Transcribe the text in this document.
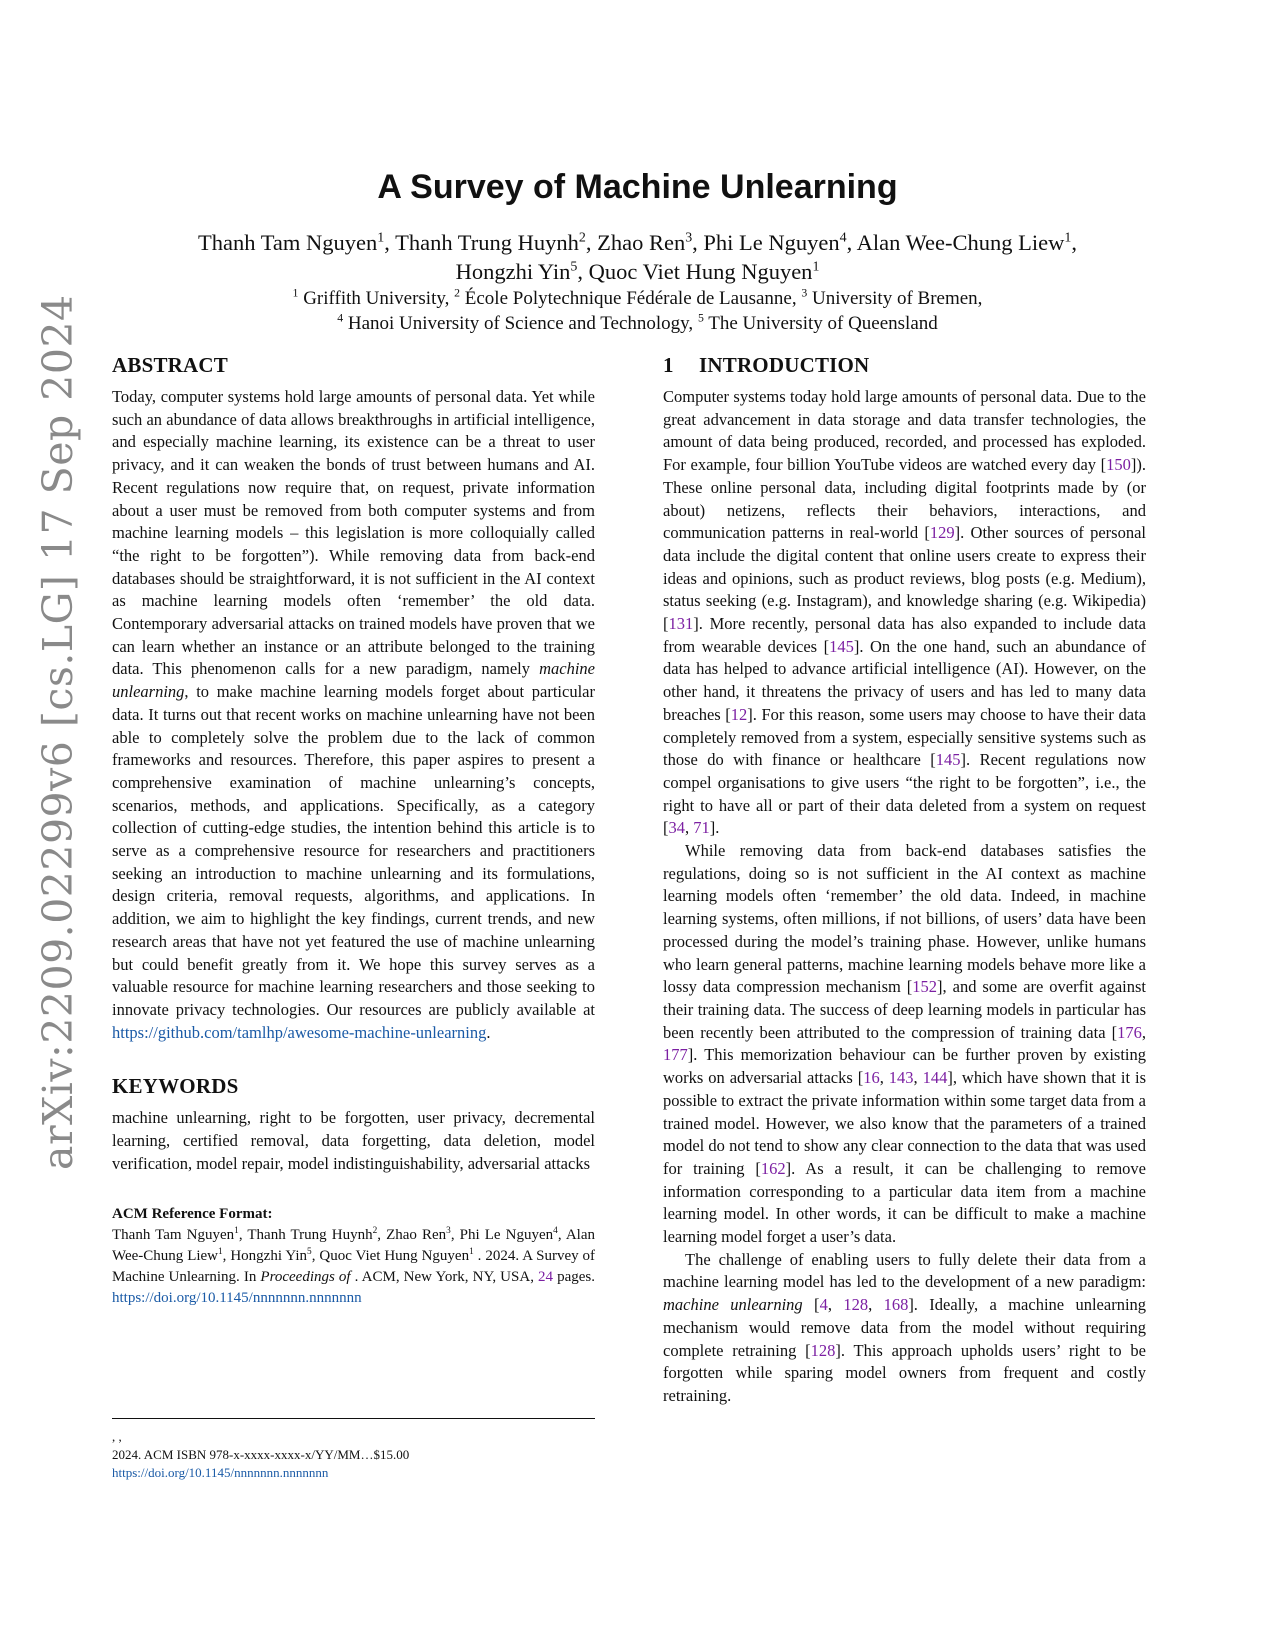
arXiv:2209.02299v6 [cs.LG] 17 Sep 2024
A Survey of Machine Unlearning
Thanh Tam Nguyen$^1$, Thanh Trung Huynh$^2$, Zhao Ren$^3$, Phi Le Nguyen$^4$, Alan Wee-Chung Liew$^1$,
Hongzhi Yin$^5$, Quoc Viet Hung Nguyen$^1$
$^1$ Griffith University, $^2$ École Polytechnique Fédérale de Lausanne, $^3$ University of Bremen,
$^4$ Hanoi University of Science and Technology, $^5$ The University of Queensland
ABSTRACT

Today, computer systems hold large amounts of personal data. Yet while such an abundance of data allows breakthroughs in artificial intelligence, and especially machine learning, its existence can be a threat to user privacy, and it can weaken the bonds of trust between humans and AI. Recent regulations now require that, on request, private information about a user must be removed from both computer systems and from machine learning models – this legislation is more colloquially called “the right to be forgotten”). While removing data from back-end databases should be straightforward, it is not sufficient in the AI context as machine learning models often ‘remember’ the old data. Contemporary adversarial attacks on trained models have proven that we can learn whether an instance or an attribute belonged to the training data. This phenomenon calls for a new paradigm, namely machine unlearning, to make machine learning models forget about particular data. It turns out that recent works on machine unlearning have not been able to completely solve the problem due to the lack of common frameworks and resources. Therefore, this paper aspires to present a comprehensive examination of machine unlearning’s concepts, scenarios, methods, and applications. Specifically, as a category collection of cutting-edge studies, the intention behind this article is to serve as a comprehensive resource for researchers and practitioners seeking an introduction to machine unlearning and its formulations, design criteria, removal requests, algorithms, and applications. In addition, we aim to highlight the key findings, current trends, and new research areas that have not yet featured the use of machine unlearning but could benefit greatly from it. We hope this survey serves as a valuable resource for machine learning researchers and those seeking to innovate privacy technologies. Our resources are publicly available at https://github.com/tamlhp/awesome-machine-unlearning.

KEYWORDS

machine unlearning, right to be forgotten, user privacy, decremental learning, certified removal, data forgetting, data deletion, model verification, model repair, model indistinguishability, adversarial attacks

ACM Reference Format:

Thanh Tam Nguyen$^1$, Thanh Trung Huynh$^2$, Zhao Ren$^3$, Phi Le Nguyen$^4$, Alan Wee-Chung Liew$^1$, Hongzhi Yin$^5$, Quoc Viet Hung Nguyen$^1$ . 2024. A Survey of Machine Unlearning. In Proceedings of . ACM, New York, NY, USA, 24 pages. https://doi.org/10.1145/nnnnnnn.nnnnnnn

, ,
2024. ACM ISBN 978-x-xxxx-xxxx-x/YY/MM…$15.00
https://doi.org/10.1145/nnnnnnn.nnnnnnn
1 INTRODUCTION

Computer systems today hold large amounts of personal data. Due to the great advancement in data storage and data transfer technologies, the amount of data being produced, recorded, and processed has exploded. For example, four billion YouTube videos are watched every day [150]). These online personal data, including digital footprints made by (or about) netizens, reflects their behaviors, interactions, and communication patterns in real-world [129]. Other sources of personal data include the digital content that online users create to express their ideas and opinions, such as product reviews, blog posts (e.g. Medium), status seeking (e.g. Instagram), and knowledge sharing (e.g. Wikipedia) [131]. More recently, personal data has also expanded to include data from wearable devices [145]. On the one hand, such an abundance of data has helped to advance artificial intelligence (AI). However, on the other hand, it threatens the privacy of users and has led to many data breaches [12]. For this reason, some users may choose to have their data completely removed from a system, especially sensitive systems such as those do with finance or healthcare [145]. Recent regulations now compel organisations to give users “the right to be forgotten”, i.e., the right to have all or part of their data deleted from a system on request [34, 71].

While removing data from back-end databases satisfies the regulations, doing so is not sufficient in the AI context as machine learning models often ‘remember’ the old data. Indeed, in machine learning systems, often millions, if not billions, of users’ data have been processed during the model’s training phase. However, unlike humans who learn general patterns, machine learning models behave more like a lossy data compression mechanism [152], and some are overfit against their training data. The success of deep learning models in particular has been recently been attributed to the compression of training data [176, 177]. This memorization behaviour can be further proven by existing works on adversarial attacks [16, 143, 144], which have shown that it is possible to extract the private information within some target data from a trained model. However, we also know that the parameters of a trained model do not tend to show any clear connection to the data that was used for training [162]. As a result, it can be challenging to remove information corresponding to a particular data item from a machine learning model. In other words, it can be difficult to make a machine learning model forget a user’s data.

The challenge of enabling users to fully delete their data from a machine learning model has led to the development of a new paradigm: machine unlearning [4, 128, 168]. Ideally, a machine unlearning mechanism would remove data from the model without requiring complete retraining [128]. This approach upholds users’ right to be forgotten while sparing model owners from frequent and costly retraining.
